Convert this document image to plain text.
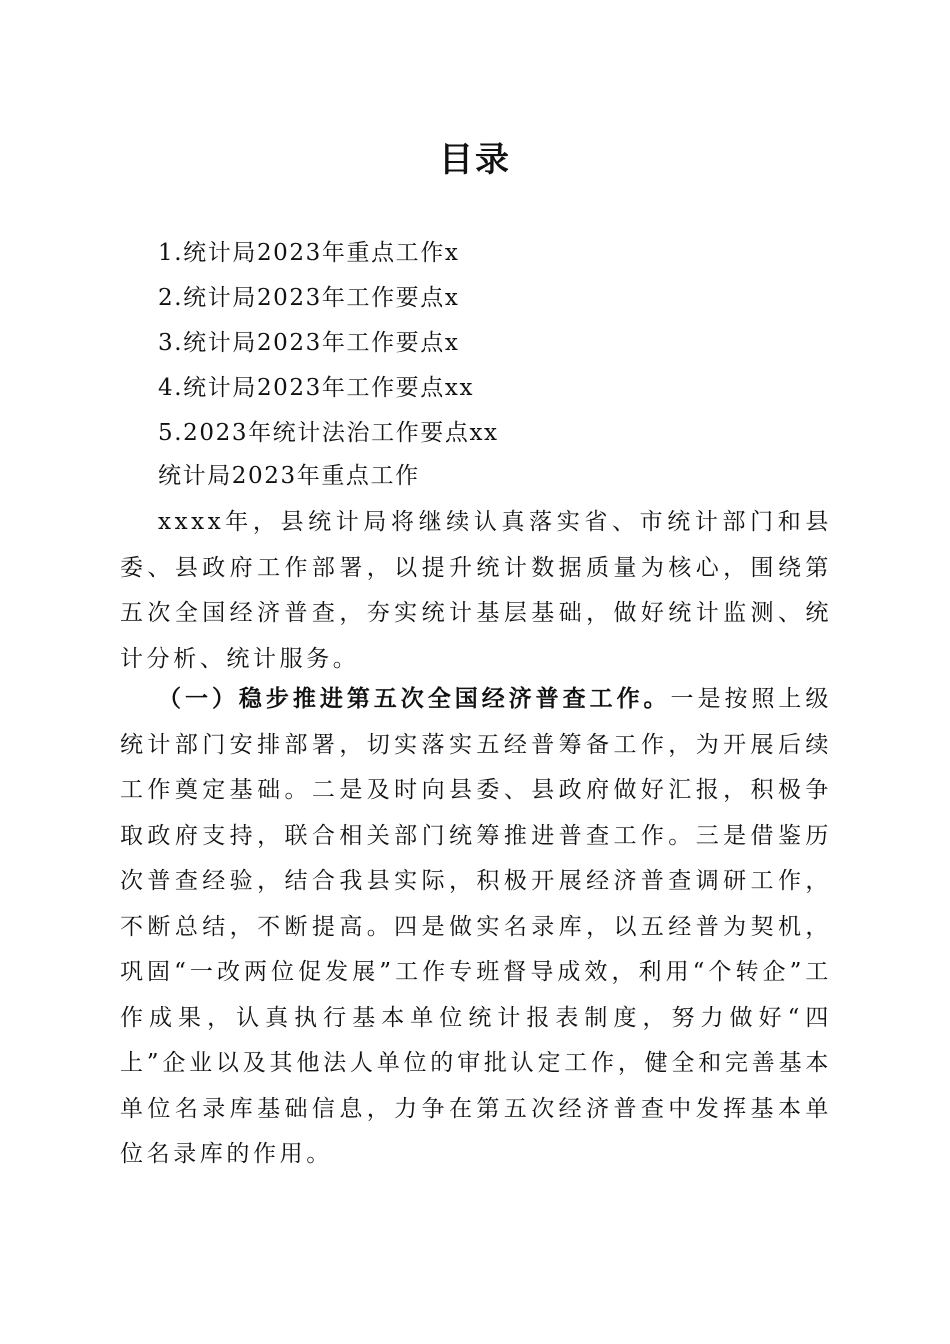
目录
1.统计局2023年重点工作x
2.统计局2023年工作要点x
3.统计局2023年工作要点x
4.统计局2023年工作要点xx
5.2023年统计法治工作要点xx
统计局2023年重点工作

xxxx年，县统计局将继续认真落实省、市统计部门和县委、县政府工作部署，以提升统计数据质量为核心，围绕第五次全国经济普查，夯实统计基层基础，做好统计监测、统计分析、统计服务。

（一）稳步推进第五次全国经济普查工作。一是按照上级统计部门安排部署，切实落实五经普筹备工作，为开展后续工作奠定基础。二是及时向县委、县政府做好汇报，积极争取政府支持，联合相关部门统筹推进普查工作。三是借鉴历次普查经验，结合我县实际，积极开展经济普查调研工作，不断总结，不断提高。四是做实名录库，以五经普为契机，巩固“一改两位促发展”工作专班督导成效，利用“个转企”工作成果，认真执行基本单位统计报表制度，努力做好“四上”企业以及其他法人单位的审批认定工作，健全和完善基本单位名录库基础信息，力争在第五次经济普查中发挥基本单位名录库的作用。
